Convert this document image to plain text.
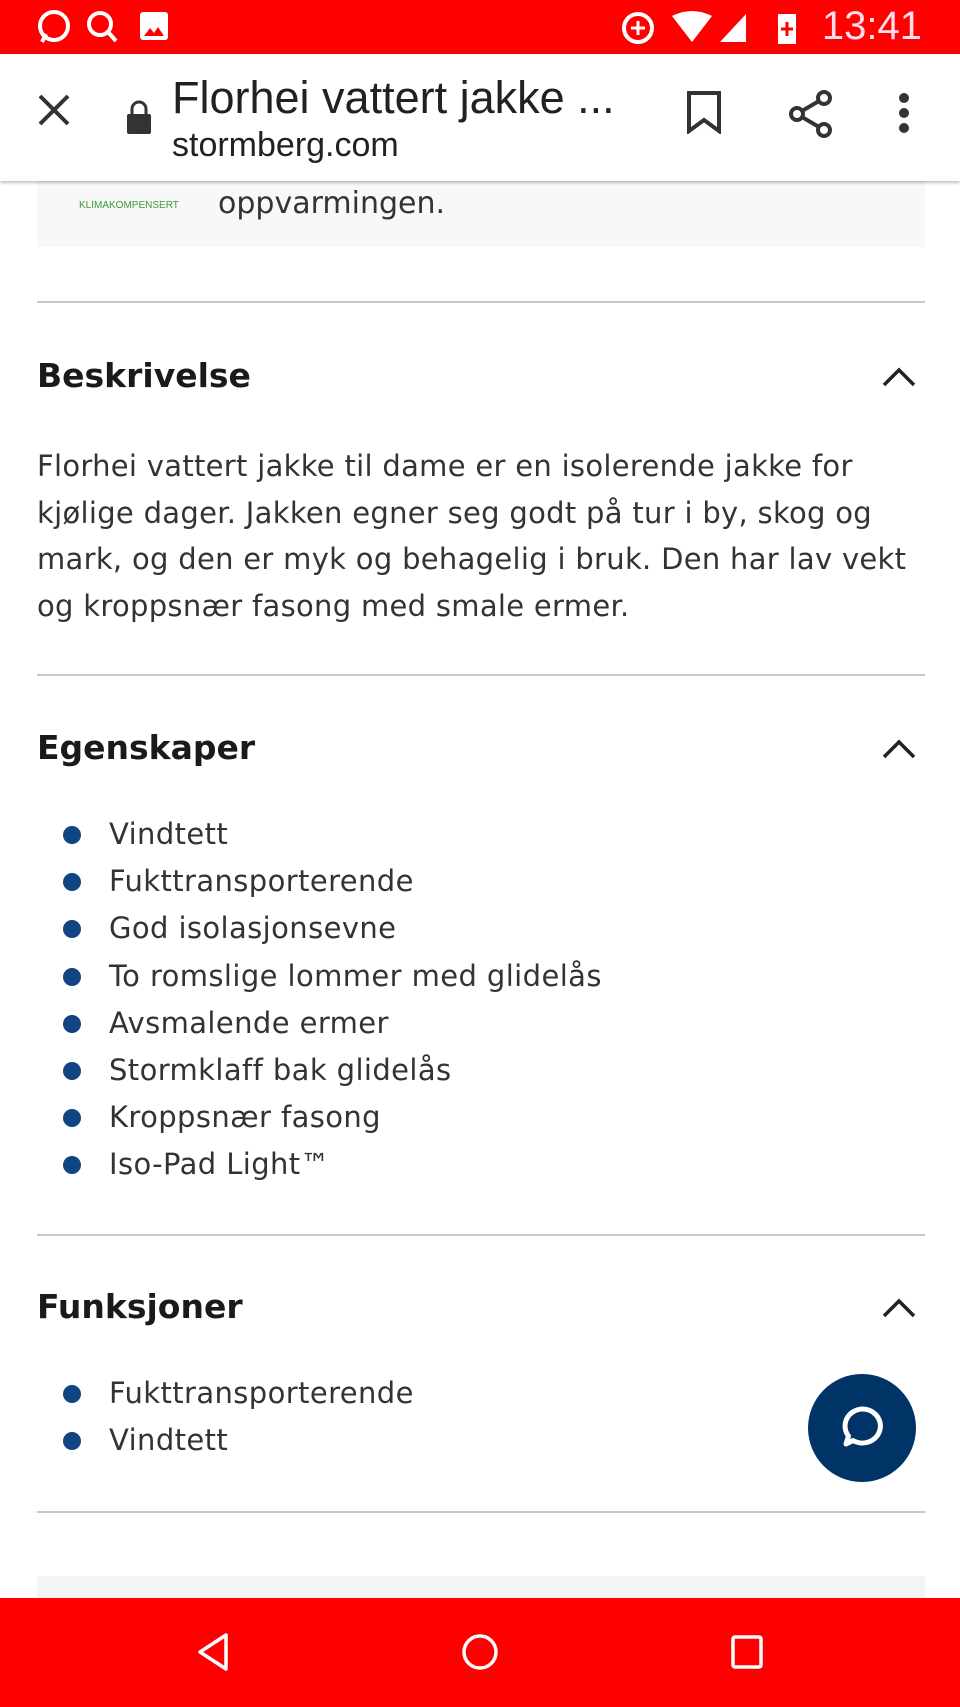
13:41
Florhei vattert jakke ...
stormberg.com
KLIMAKOMPENSERT oppvarmingen.
Beskrivelse

Florhei vattert jakke til dame er en isolerende jakke for kjølige dager. Jakken egner seg godt på tur i by, skog og mark, og den er myk og behagelig i bruk. Den har lav vekt og kroppsnær fasong med smale ermer.

Egenskaper
Vindtett
Fukttransporterende
God isolasjonsevne
To romslige lommer med glidelås
Avsmalende ermer
Stormklaff bak glidelås
Kroppsnær fasong
Iso-Pad Light™
Funksjoner
Fukttransporterende
Vindtett
